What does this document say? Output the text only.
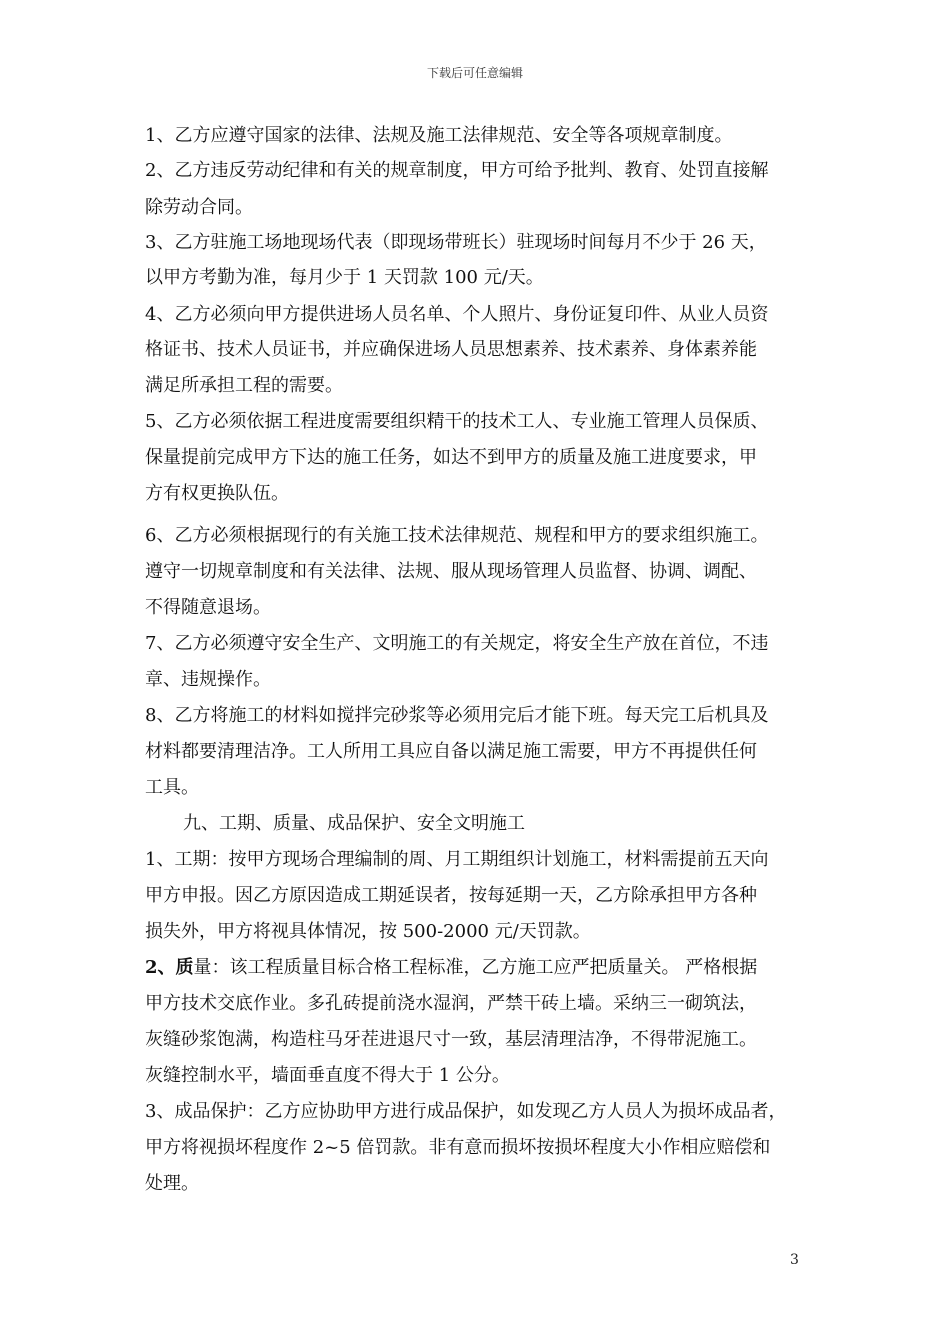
下载后可任意编辑
1、乙方应遵守国家的法律、法规及施工法律规范、安全等各项规章制度。
2、乙方违反劳动纪律和有关的规章制度，甲方可给予批判、教育、处罚直接解
除劳动合同。
3、乙方驻施工场地现场代表（即现场带班长）驻现场时间每月不少于 26 天，
以甲方考勤为准，每月少于 1 天罚款 100 元/天。
4、乙方必须向甲方提供进场人员名单、个人照片、身份证复印件、从业人员资
格证书、技术人员证书，并应确保进场人员思想素养、技术素养、身体素养能
满足所承担工程的需要。
5、乙方必须依据工程进度需要组织精干的技术工人、专业施工管理人员保质、
保量提前完成甲方下达的施工任务，如达不到甲方的质量及施工进度要求，甲
方有权更换队伍。
6、乙方必须根据现行的有关施工技术法律规范、规程和甲方的要求组织施工。
遵守一切规章制度和有关法律、法规、服从现场管理人员监督、协调、调配、
不得随意退场。
7、乙方必须遵守安全生产、文明施工的有关规定，将安全生产放在首位，不违
章、违规操作。
8、乙方将施工的材料如搅拌完砂浆等必须用完后才能下班。每天完工后机具及
材料都要清理洁净。工人所用工具应自备以满足施工需要，甲方不再提供任何
工具。
九、工期、质量、成品保护、安全文明施工
1、工期：按甲方现场合理编制的周、月工期组织计划施工，材料需提前五天向
甲方申报。因乙方原因造成工期延误者，按每延期一天，乙方除承担甲方各种
损失外，甲方将视具体情况，按 500-2000 元/天罚款。
2、质量：该工程质量目标合格工程标准，乙方施工应严把质量关。 严格根据
甲方技术交底作业。多孔砖提前浇水湿润，严禁干砖上墙。采纳三一砌筑法，
灰缝砂浆饱满，构造柱马牙茬进退尺寸一致，基层清理洁净，不得带泥施工。
灰缝控制水平，墙面垂直度不得大于 1 公分。
3、成品保护：乙方应协助甲方进行成品保护，如发现乙方人员人为损坏成品者，
甲方将视损坏程度作 2~5 倍罚款。非有意而损坏按损坏程度大小作相应赔偿和
处理。
3
